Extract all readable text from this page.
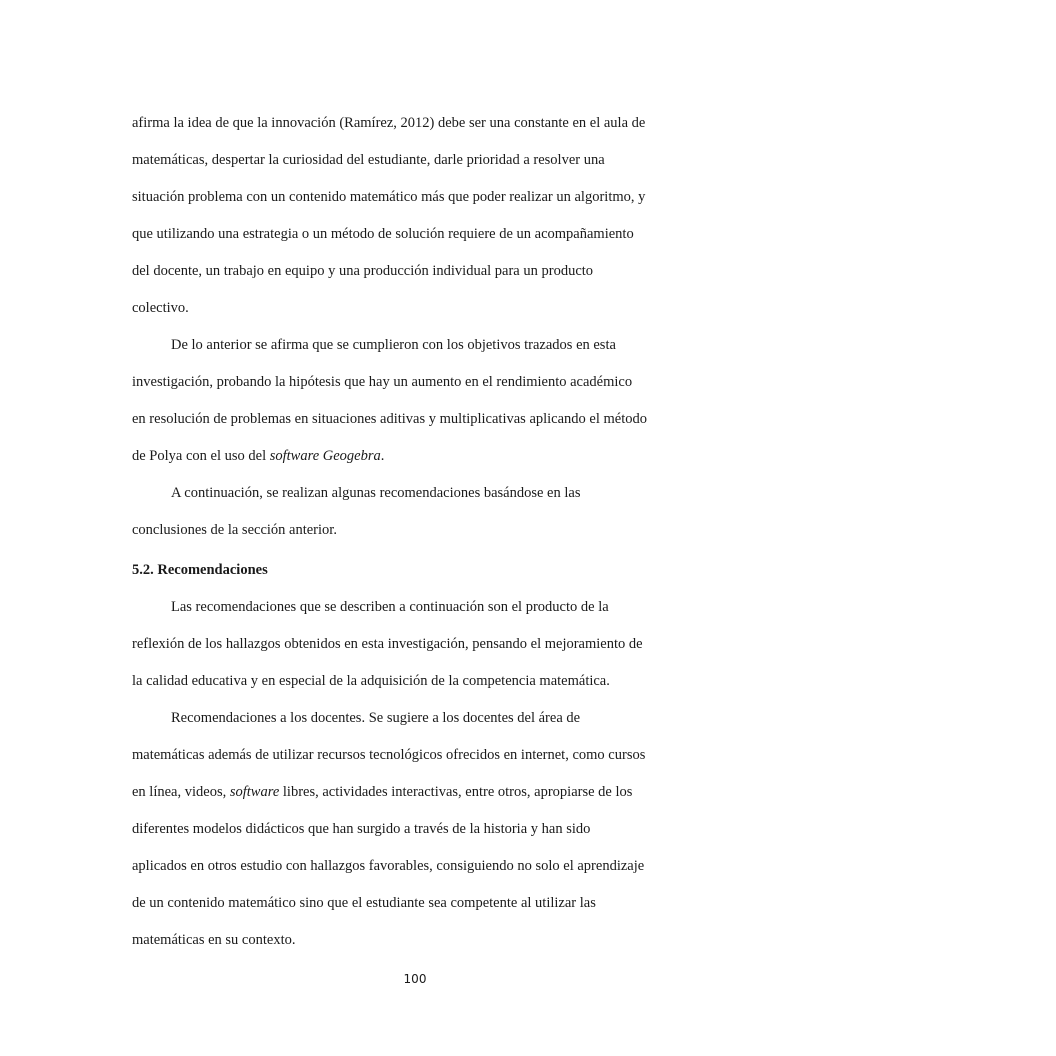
afirma la idea de que la innovación (Ramírez, 2012) debe ser una constante en el aula de
matemáticas, despertar la curiosidad del estudiante, darle prioridad a resolver una
situación problema con un contenido matemático más que poder realizar un algoritmo, y
que utilizando una estrategia o un método de solución requiere de un acompañamiento
del docente, un trabajo en equipo y una producción individual para un producto
colectivo.

De lo anterior se afirma que se cumplieron con los objetivos trazados en esta
investigación, probando la hipótesis que hay un aumento en el rendimiento académico
en resolución de problemas en situaciones aditivas y multiplicativas aplicando el método
de Polya con el uso del software Geogebra.

A continuación, se realizan algunas recomendaciones basándose en las
conclusiones de la sección anterior.

5.2. Recomendaciones

Las recomendaciones que se describen a continuación son el producto de la
reflexión de los hallazgos obtenidos en esta investigación, pensando el mejoramiento de
la calidad educativa y en especial de la adquisición de la competencia matemática.

Recomendaciones a los docentes. Se sugiere a los docentes del área de
matemáticas además de utilizar recursos tecnológicos ofrecidos en internet, como cursos
en línea, videos, software libres, actividades interactivas, entre otros, apropiarse de los
diferentes modelos didácticos que han surgido a través de la historia y han sido
aplicados en otros estudio con hallazgos favorables, consiguiendo no solo el aprendizaje
de un contenido matemático sino que el estudiante sea competente al utilizar las
matemáticas en su contexto.

100
